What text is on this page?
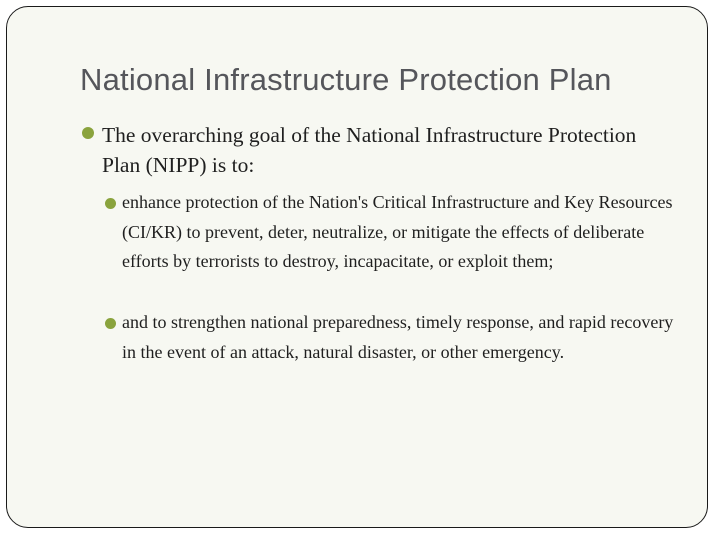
National Infrastructure Protection Plan
The overarching goal of the National Infrastructure Protection Plan (NIPP) is to:
enhance protection of the Nation's Critical Infrastructure and Key Resources (CI/KR) to prevent, deter, neutralize, or mitigate the effects of deliberate efforts by terrorists to destroy, incapacitate, or exploit them;
and to strengthen national preparedness, timely response, and rapid recovery in the event of an attack, natural disaster, or other emergency.
